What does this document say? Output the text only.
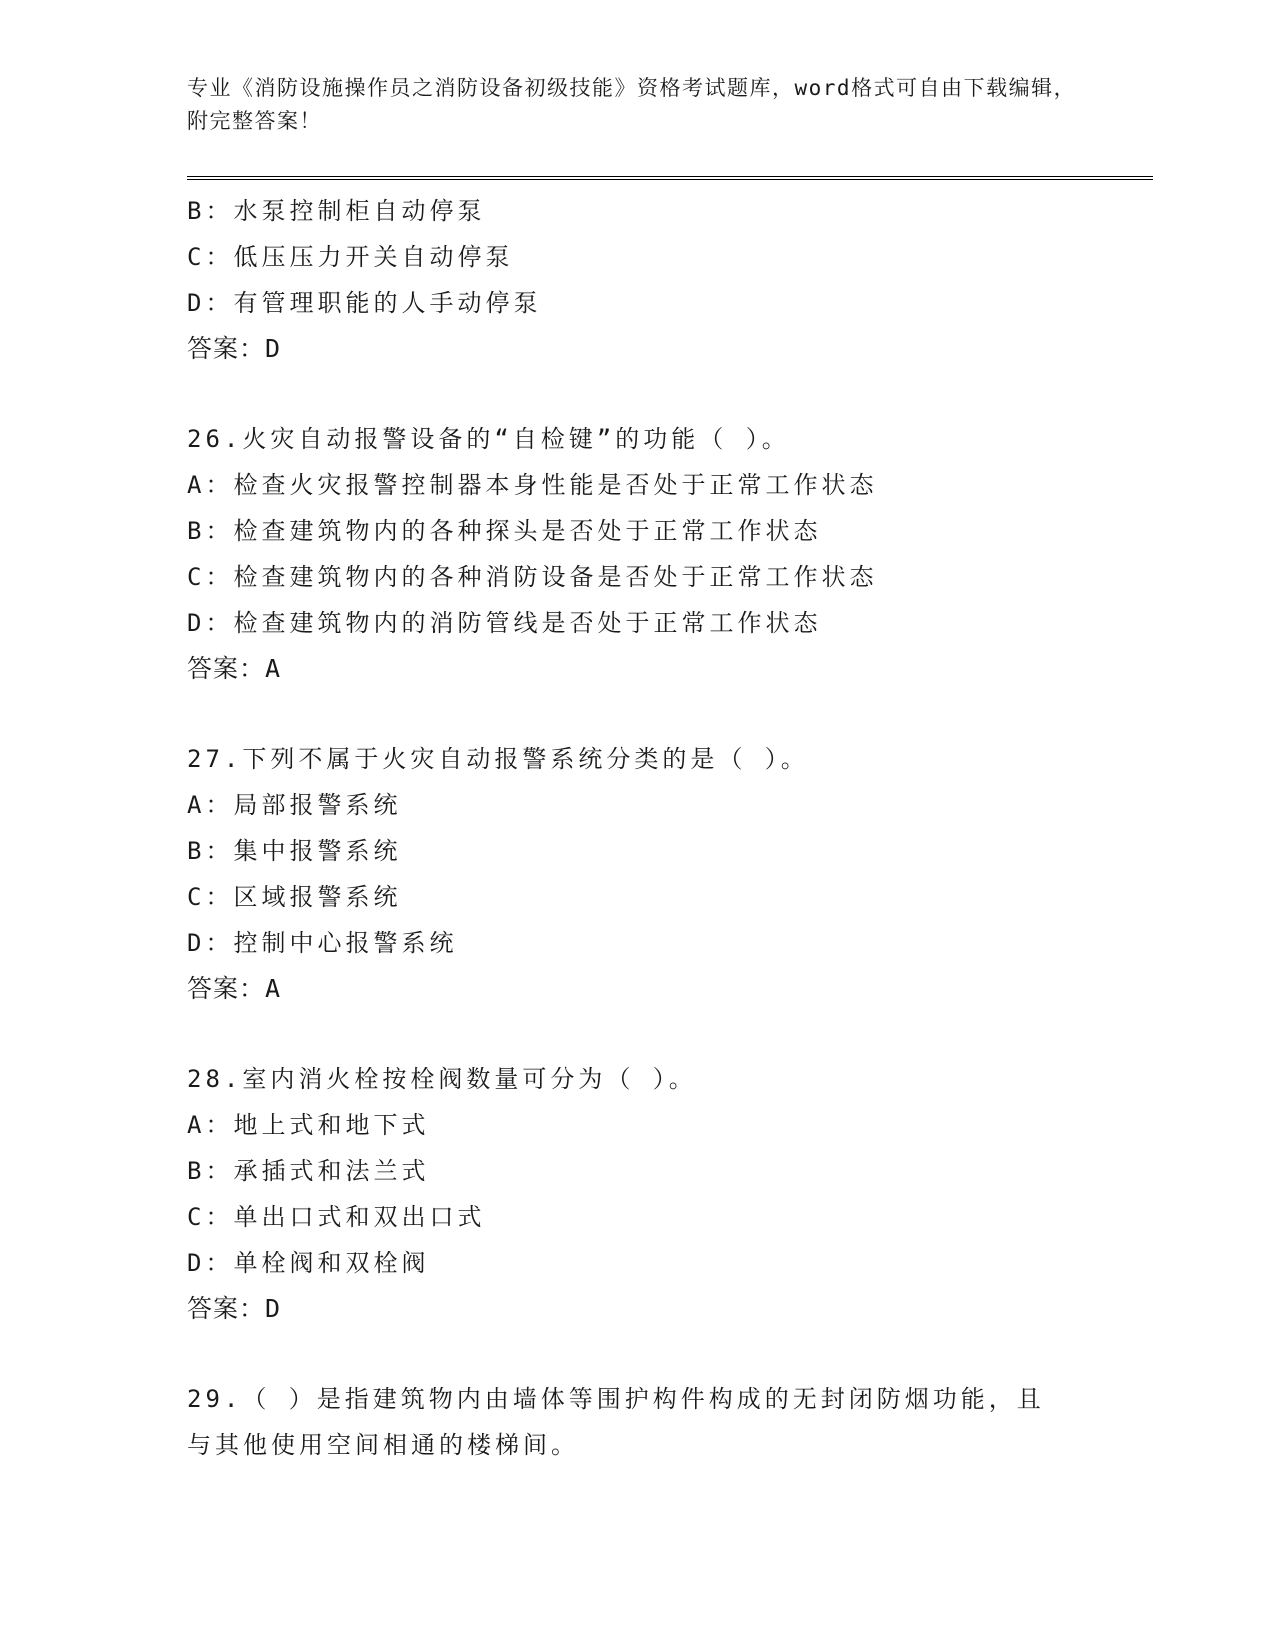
专业《消防设施操作员之消防设备初级技能》资格考试题库，word格式可自由下载编辑，附完整答案！
B：水泵控制柜自动停泵
C：低压压力开关自动停泵
D：有管理职能的人手动停泵
答案：D
26.火灾自动报警设备的“自检键”的功能（ ）。
A：检查火灾报警控制器本身性能是否处于正常工作状态
B：检查建筑物内的各种探头是否处于正常工作状态
C：检查建筑物内的各种消防设备是否处于正常工作状态
D：检查建筑物内的消防管线是否处于正常工作状态
答案：A
27.下列不属于火灾自动报警系统分类的是（ ）。
A：局部报警系统
B：集中报警系统
C：区域报警系统
D：控制中心报警系统
答案：A
28.室内消火栓按栓阀数量可分为（ ）。
A：地上式和地下式
B：承插式和法兰式
C：单出口式和双出口式
D：单栓阀和双栓阀
答案：D
29.（ ）是指建筑物内由墙体等围护构件构成的无封闭防烟功能，且与其他使用空间相通的楼梯间。
